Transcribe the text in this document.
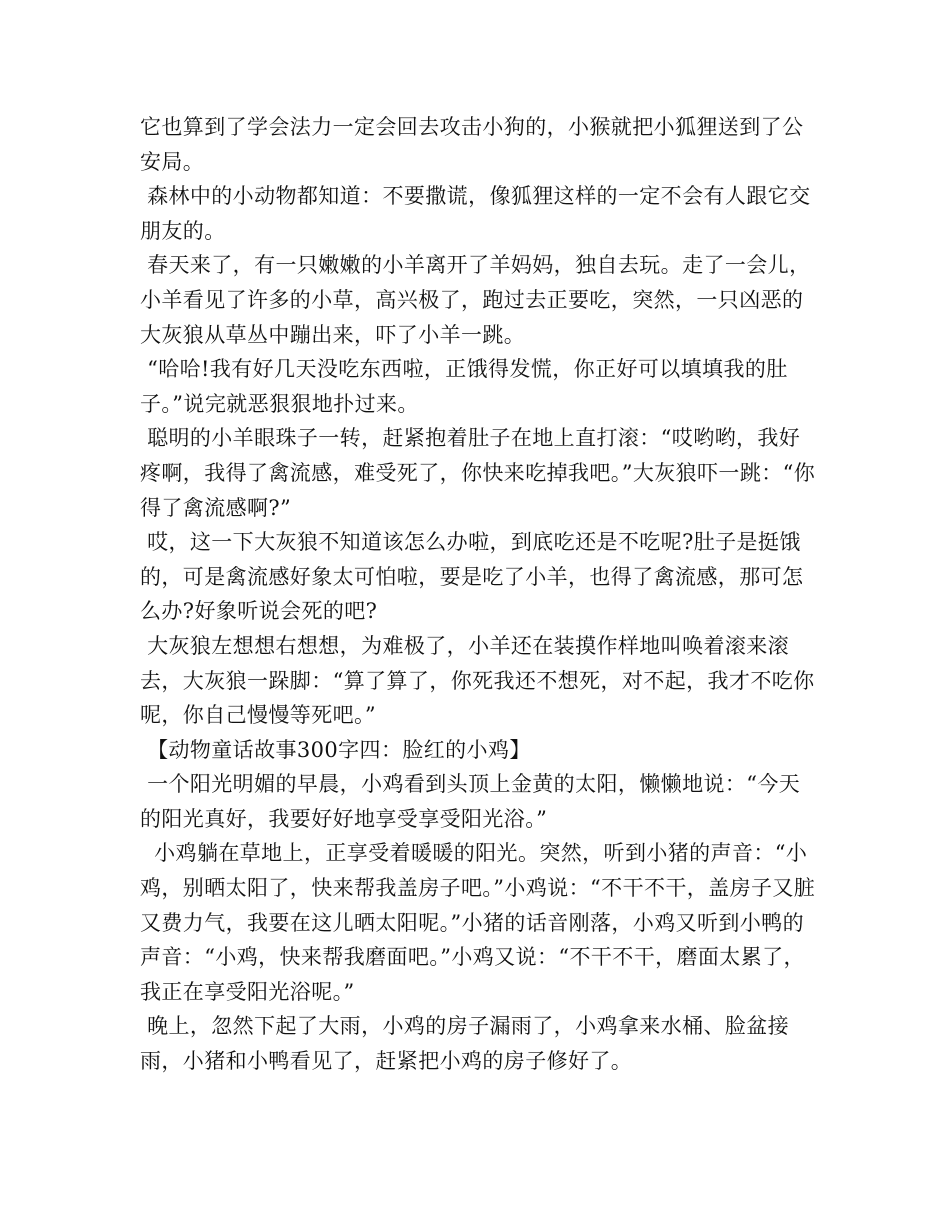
它也算到了学会法力一定会回去攻击小狗的，小猴就把小狐狸送到了公安局。

森林中的小动物都知道：不要撒谎，像狐狸这样的一定不会有人跟它交朋友的。

春天来了，有一只嫩嫩的小羊离开了羊妈妈，独自去玩。走了一会儿，小羊看见了许多的小草，高兴极了，跑过去正要吃，突然，一只凶恶的大灰狼从草丛中蹦出来，吓了小羊一跳。

“哈哈!我有好几天没吃东西啦，正饿得发慌，你正好可以填填我的肚子。”说完就恶狠狠地扑过来。

聪明的小羊眼珠子一转，赶紧抱着肚子在地上直打滚：“哎哟哟，我好疼啊，我得了禽流感，难受死了，你快来吃掉我吧。”大灰狼吓一跳：“你得了禽流感啊?”

哎，这一下大灰狼不知道该怎么办啦，到底吃还是不吃呢?肚子是挺饿的，可是禽流感好象太可怕啦，要是吃了小羊，也得了禽流感，那可怎么办?好象听说会死的吧?

大灰狼左想想右想想，为难极了，小羊还在装摸作样地叫唤着滚来滚去，大灰狼一跺脚：“算了算了，你死我还不想死，对不起，我才不吃你呢，你自己慢慢等死吧。”

【动物童话故事300字四：脸红的小鸡】

一个阳光明媚的早晨，小鸡看到头顶上金黄的太阳，懒懒地说：“今天的阳光真好，我要好好地享受享受阳光浴。”

小鸡躺在草地上，正享受着暖暖的阳光。突然，听到小猪的声音：“小鸡，别晒太阳了，快来帮我盖房子吧。”小鸡说：“不干不干，盖房子又脏又费力气，我要在这儿晒太阳呢。”小猪的话音刚落，小鸡又听到小鸭的声音：“小鸡，快来帮我磨面吧。”小鸡又说：“不干不干，磨面太累了，我正在享受阳光浴呢。”

晚上，忽然下起了大雨，小鸡的房子漏雨了，小鸡拿来水桶、脸盆接雨，小猪和小鸭看见了，赶紧把小鸡的房子修好了。
